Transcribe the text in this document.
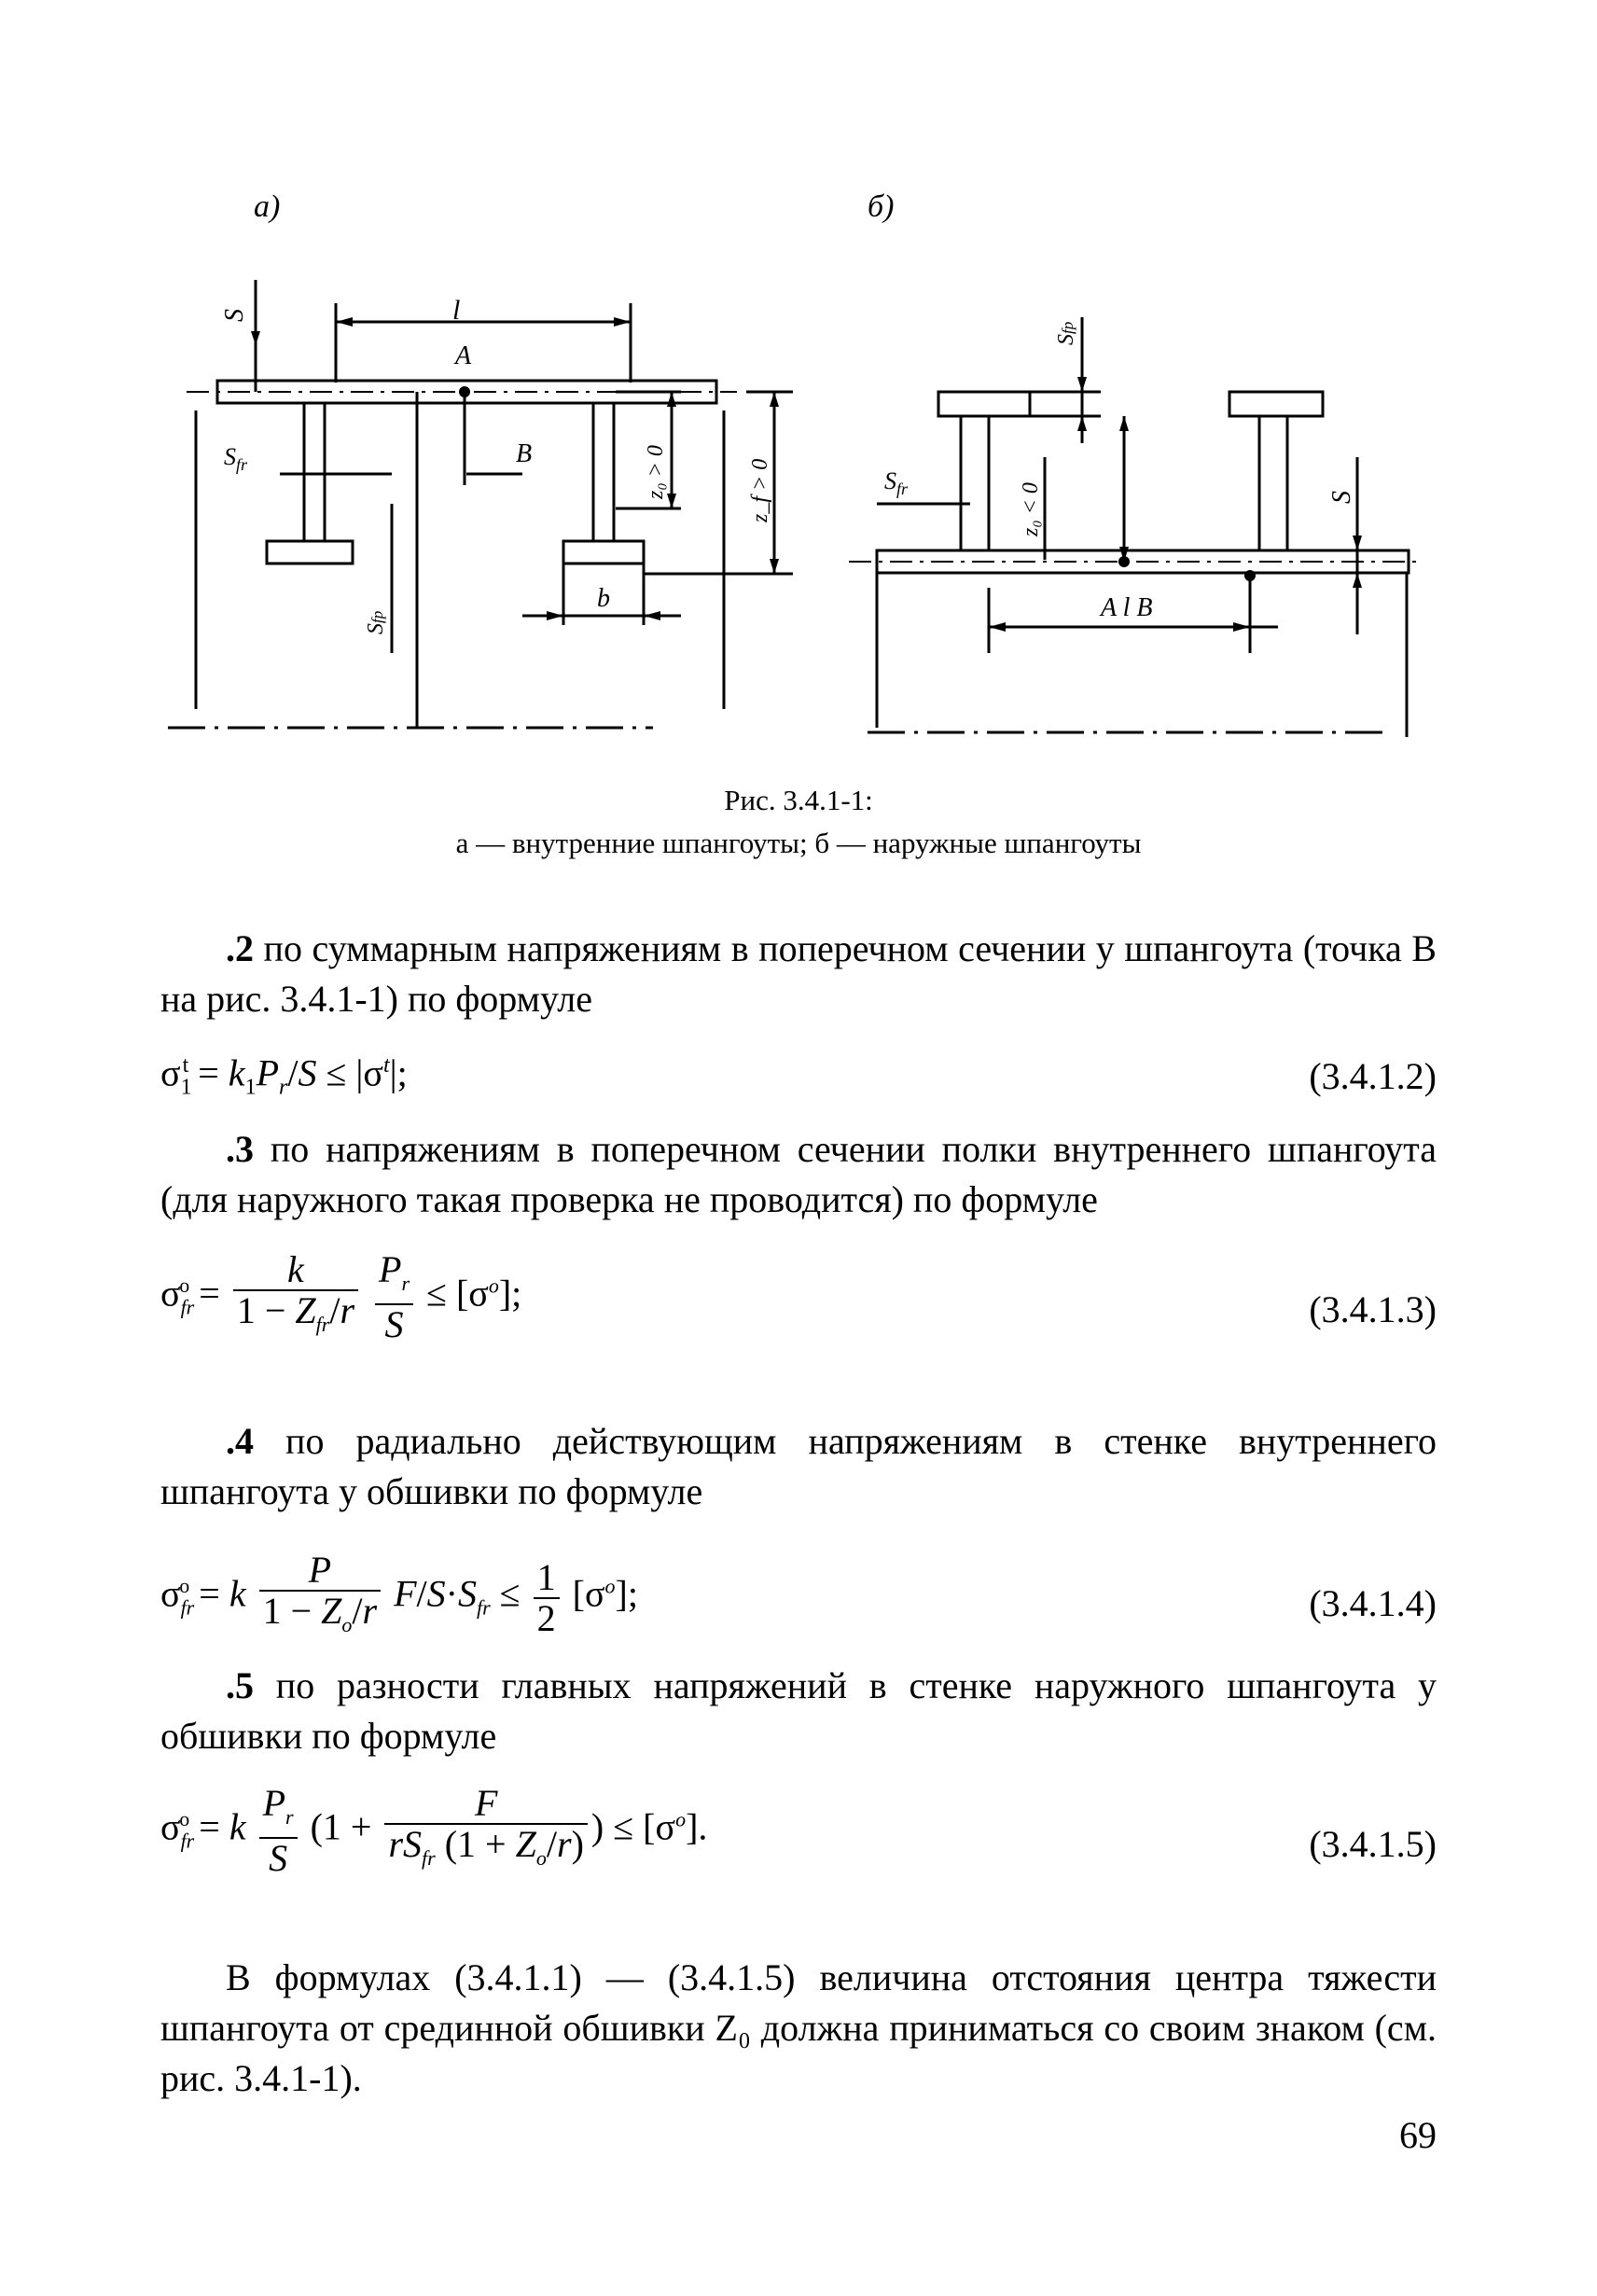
а)	б)
l
A
B
b
$S_{fr}$
S
Sfp
z₀ > 0	z_f > 0	$S_{fr}$
Sfp
z₀ < 0	S
A l B
Рис. 3.4.1-1:
а — внутренние шпангоуты; б — наружные шпангоуты
.2 по суммарным напряжениям в поперечном сечении у шпангоута (точка B на рис. 3.4.1-1) по формуле
$\sigma_1^t = k_1P_r/S \le |\sigma^t|$;	(3.4.1.2)
.3 по напряжениям в поперечном сечении полки внутреннего шпангоута (для наружного такая проверка не проводится) по формуле
$\sigma_{fr}^o = \frac{k}{1 - Z_{fr}/r}$
$\frac{P_r}{S} \le [\sigma^o]$;	(3.4.1.3)
.4 по радиально действующим напряжениям в стенке внутреннего шпангоута у обшивки по формуле
$\sigma_{fr}^o = k \frac{P}{1 - Z_o/r} F/S\cdot S_{fr} \le \frac{1}{2} [\sigma^o]$;	(3.4.1.4)
.5 по разности главных напряжений в стенке наружного шпангоута у обшивки по формуле
$\sigma_{fr}^o = k \frac{P_r}{S} (1 + \frac{F}{rS_{fr} (1 + Z_o/r)}$ ) ≤ $[\sigma^o]$.	(3.4.1.5)
В формулах (3.4.1.1) — (3.4.1.5) величина отстояния центра тяжести шпангоута от срединной обшивки Z₀ должна приниматься со своим знаком (см. рис. 3.4.1-1).
69
